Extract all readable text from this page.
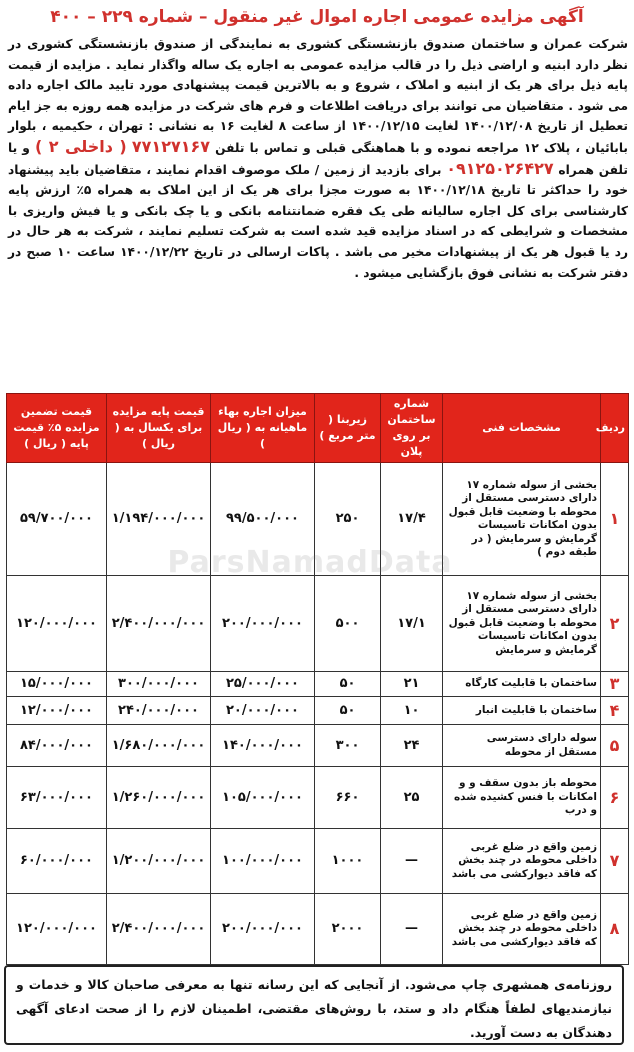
آگهی مزایده عمومی اجاره اموال غیر منقول – شماره ۲۲۹ – ۴۰۰
شرکت عمران و ساختمان صندوق بازنشستگی کشوری به نمایندگی از صندوق بازنشستگی کشوری در نظر دارد ابنیه و اراضی ذیل را در قالب مزایده عمومی به اجاره یک ساله واگذار نماید . مزایده از قیمت پایه ذیل برای هر یک از ابنیه و املاک ، شروع و به بالاترین قیمت پیشنهادی مورد تایید مالک اجاره داده می شود . متقاضیان می توانند برای دریافت اطلاعات و فرم های شرکت در مزایده همه روزه به جز ایام تعطیل از تاریخ ۱۴۰۰/۱۲/۰۸ لغایت ۱۴۰۰/۱۲/۱۵ از ساعت ۸ لغایت ۱۶ به نشانی : تهران ، حکیمیه ، بلوار بابائیان ، پلاک ۱۲ مراجعه نموده و با هماهنگی قبلی و تماس با تلفن ۷۷۱۲۷۱۶۷ ( داخلی ۲ ) و یا تلفن همراه ۰۹۱۲۵۰۲۶۴۲۷ برای بازدید از زمین / ملک موصوف اقدام نمایند ، متقاضیان باید پیشنهاد خود را حداکثر تا تاریخ ۱۴۰۰/۱۲/۱۸ به صورت مجزا برای هر یک از این املاک به همراه ۵٪ ارزش پایه کارشناسی برای کل اجاره سالیانه طی یک فقره ضمانتنامه بانکی و یا چک بانکی و یا فیش واریزی با مشخصات و شرایطی که در اسناد مزایده قید شده است به شرکت تسلیم نمایند ، شرکت به هر حال در رد یا قبول هر یک از پیشنهادات مخیر می باشد . پاکات ارسالی در تاریخ ۱۴۰۰/۱۲/۲۲ ساعت ۱۰ صبح در دفتر شرکت به نشانی فوق بازگشایی میشود .
ردیف	مشخصات فنی	شماره ساختمان بر روی پلان	زیربنا ( متر مربع )	میزان اجاره بهاء ماهیانه به ( ریال )	قیمت پایه مزایده برای یکسال به ( ریال )	قیمت تضمین مزایده ۵٪ قیمت پایه ( ریال )
۱	بخشی از سوله شماره ۱۷ دارای دسترسی مستقل از محوطه با وضعیت قابل قبول بدون امکانات تاسیسات گرمایش و سرمایش ( در طبقه دوم )	۱۷/۴	۲۵۰	۹۹/۵۰۰/۰۰۰	۱/۱۹۴/۰۰۰/۰۰۰	۵۹/۷۰۰/۰۰۰
۲	بخشی از سوله شماره ۱۷ دارای دسترسی مستقل از محوطه با وضعیت قابل قبول بدون امکانات تاسیسات گرمایش و سرمایش	۱۷/۱	۵۰۰	۲۰۰/۰۰۰/۰۰۰	۲/۴۰۰/۰۰۰/۰۰۰	۱۲۰/۰۰۰/۰۰۰
۳	ساختمان با قابلیت کارگاه	۲۱	۵۰	۲۵/۰۰۰/۰۰۰	۳۰۰/۰۰۰/۰۰۰	۱۵/۰۰۰/۰۰۰
۴	ساختمان با قابلیت انبار	۱۰	۵۰	۲۰/۰۰۰/۰۰۰	۲۴۰/۰۰۰/۰۰۰	۱۲/۰۰۰/۰۰۰
۵	سوله دارای دسترسی مستقل از محوطه	۲۴	۳۰۰	۱۴۰/۰۰۰/۰۰۰	۱/۶۸۰/۰۰۰/۰۰۰	۸۴/۰۰۰/۰۰۰
۶	محوطه باز بدون سقف و و امکانات با فنس کشیده شده و درب	۲۵	۶۶۰	۱۰۵/۰۰۰/۰۰۰	۱/۲۶۰/۰۰۰/۰۰۰	۶۳/۰۰۰/۰۰۰
۷	زمین واقع در ضلع غربی داخلی محوطه در چند بخش که فاقد دیوارکشی می باشد	—	۱۰۰۰	۱۰۰/۰۰۰/۰۰۰	۱/۲۰۰/۰۰۰/۰۰۰	۶۰/۰۰۰/۰۰۰
۸	زمین واقع در ضلع غربی داخلی محوطه در چند بخش که فاقد دیوارکشی می باشد	—	۲۰۰۰	۲۰۰/۰۰۰/۰۰۰	۲/۴۰۰/۰۰۰/۰۰۰	۱۲۰/۰۰۰/۰۰۰
ParsNamadData
روزنامه‌ی همشهری چاپ می‌شود. از آنجایی که این رسانه تنها به معرفی صاحبان کالا و خدمات و نیازمندیهای لطفاً هنگام داد و ستد، با روش‌های مقتضی، اطمینان لازم را از صحت ادعای آگهی دهندگان به دست آورید.
